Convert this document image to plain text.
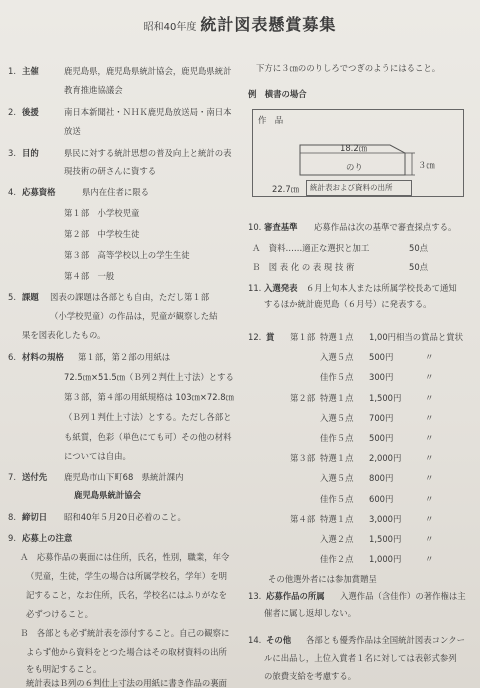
昭和40年度 統計図表懸賞募集
1. 主催	鹿児島県，鹿児島県統計協会，鹿児島県統計
教育推進協議会
2. 後援	南日本新聞社・ＮＨＫ鹿児島放送局・南日本
放送
3. 目的	県民に対する統計思想の普及向上と統計の表
現技術の研さんに資する
4. 応募資格	県内在住者に限る
第１部　小学校児童
第２部　中学校生徒
第３部　高等学校以上の学生生徒
第４部　一般
5. 課題 図表の課題は各部とも自由，ただし第１部
（小学校児童）の作品は，児童が観察した結
果を図表化したもの。
6. 材料の規格 第１部，第２部の用紙は
72.5㎝×51.5㎝（Ｂ列２判仕上寸法）とする
第３部，第４部の用紙規格は 103㎝×72.8㎝
（Ｂ列１判仕上寸法）とする。ただし各部と
も紙質，色彩（単色にても可）その他の材料
については自由。
7. 送付先 鹿児島市山下町68　県統計課内
鹿児島県統計協会
8. 締切日 昭和40年５月20日必着のこと。
9. 応募上の注意
Ａ　応募作品の裏面には住所，氏名，性別，職業，年令
（児童，生徒，学生の場合は所属学校名，学年）を明
記すること，なお住所，氏名，学校名にはふりがなを
必ずつけること。
Ｂ　各部とも必ず統計表を添付すること。自己の観察に
よらず他から資料をとつた場合はその取材資料の出所
をも明記すること。
統計表はＢ列の６判仕上寸法の用紙に書き作品の裏面
下方に３㎝ののりしろでつぎのようにはること。
例　横書の場合
作　品
18.2㎝
のり	３㎝
22.7㎝ 統計表および資料の出所
10. 審査基準 応募作品は次の基準で審査採点する。
Ａ　資料……適正な選択と加工	50点
Ｂ　図 表 化 の 表 現 技 術	50点
11. 入選発表 ６月上旬本人または所属学校長あて通知
するほか統計鹿児島（６月号）に発表する。
12. 賞 第１部 特選１点 1,00円相当の賞品と賞状
入選５点 500円	〃
佳作５点 300円	〃
第２部 特選１点 1,500円	〃
入選５点 700円	〃
佳作５点 500円	〃
第３部 特選１点 2,000円	〃
入選５点 800円	〃
佳作５点 600円	〃
第４部 特選１点 3,000円	〃
入選２点 1,500円	〃
佳作２点 1,000円	〃
その他選外者には参加賞贈呈
13. 応募作品の所属 入選作品（含佳作）の著作権は主
催者に属し返却しない。
14. その他 各部とも優秀作品は全国統計図表コンクー
ルに出品し，上位入賞者１名に対しては表彰式参列
の旅費支給を考慮する。
